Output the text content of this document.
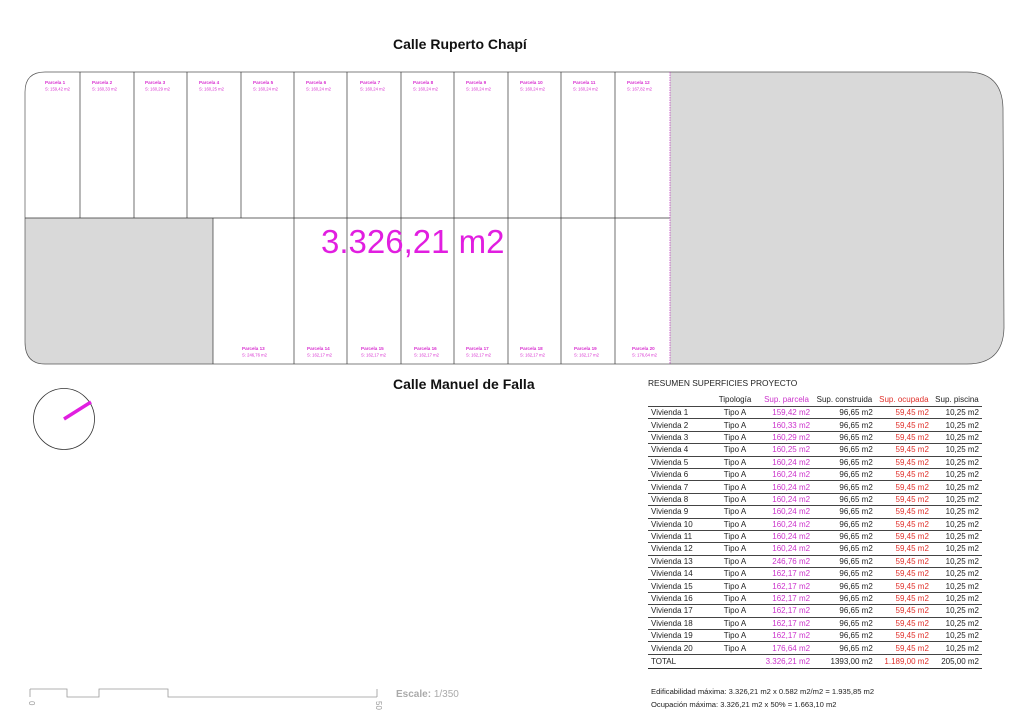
Calle Ruperto Chapí
Parcela 1
S: 159,42 m2
Parcela 2
S: 160,33 m2
Parcela 3
S: 160,29 m2
Parcela 4
S: 160,25 m2
Parcela 5
S: 160,24 m2
Parcela 6
S: 160,24 m2
Parcela 7
S: 160,24 m2
Parcela 8
S: 160,24 m2
Parcela 9
S: 160,24 m2
Parcela 10
S: 160,24 m2
Parcela 11
S: 160,24 m2
Parcela 12
S: 167,82 m2
Parcela 13
S: 246,76 m2
Parcela 14
S: 162,17 m2
Parcela 15
S: 162,17 m2
Parcela 16
S: 162,17 m2
Parcela 17
S: 162,17 m2
Parcela 18
S: 162,17 m2
Parcela 19
S: 162,17 m2
Parcela 20
S: 176,64 m2
3.326,21 m2
Calle Manuel de Falla	RESUMEN SUPERFICIES PROYECTO
	Tipología	Sup. parcela	Sup. construida	Sup. ocupada	Sup. piscina
Vivienda 1	Tipo A	159,42 m2	96,65 m2	59,45 m2	10,25 m2
Vivienda 2	Tipo A	160,33 m2	96,65 m2	59,45 m2	10,25 m2
Vivienda 3	Tipo A	160,29 m2	96,65 m2	59,45 m2	10,25 m2
Vivienda 4	Tipo A	160,25 m2	96,65 m2	59,45 m2	10,25 m2
Vivienda 5	Tipo A	160,24 m2	96,65 m2	59,45 m2	10,25 m2
Vivienda 6	Tipo A	160,24 m2	96,65 m2	59,45 m2	10,25 m2
Vivienda 7	Tipo A	160,24 m2	96,65 m2	59,45 m2	10,25 m2
Vivienda 8	Tipo A	160,24 m2	96,65 m2	59,45 m2	10,25 m2
Vivienda 9	Tipo A	160,24 m2	96,65 m2	59,45 m2	10,25 m2
Vivienda 10	Tipo A	160,24 m2	96,65 m2	59,45 m2	10,25 m2
Vivienda 11	Tipo A	160,24 m2	96,65 m2	59,45 m2	10,25 m2
Vivienda 12	Tipo A	160,24 m2	96,65 m2	59,45 m2	10,25 m2
Vivienda 13	Tipo A	246,76 m2	96,65 m2	59,45 m2	10,25 m2
Vivienda 14	Tipo A	162,17 m2	96,65 m2	59,45 m2	10,25 m2
Vivienda 15	Tipo A	162,17 m2	96,65 m2	59,45 m2	10,25 m2
Vivienda 16	Tipo A	162,17 m2	96,65 m2	59,45 m2	10,25 m2
Vivienda 17	Tipo A	162,17 m2	96,65 m2	59,45 m2	10,25 m2
Vivienda 18	Tipo A	162,17 m2	96,65 m2	59,45 m2	10,25 m2
Vivienda 19	Tipo A	162,17 m2	96,65 m2	59,45 m2	10,25 m2
Vivienda 20	Tipo A	176,64 m2	96,65 m2	59,45 m2	10,25 m2
TOTAL		3.326,21 m2	1393,00 m2	1.189,00 m2	205,00 m2
Edificabilidad máxima: 3.326,21 m2 x 0.582 m2/m2 = 1.935,85 m2
Ocupación máxima: 3.326,21 m2 x 50% = 1.663,10 m2
0	50
Escale: 1/350
